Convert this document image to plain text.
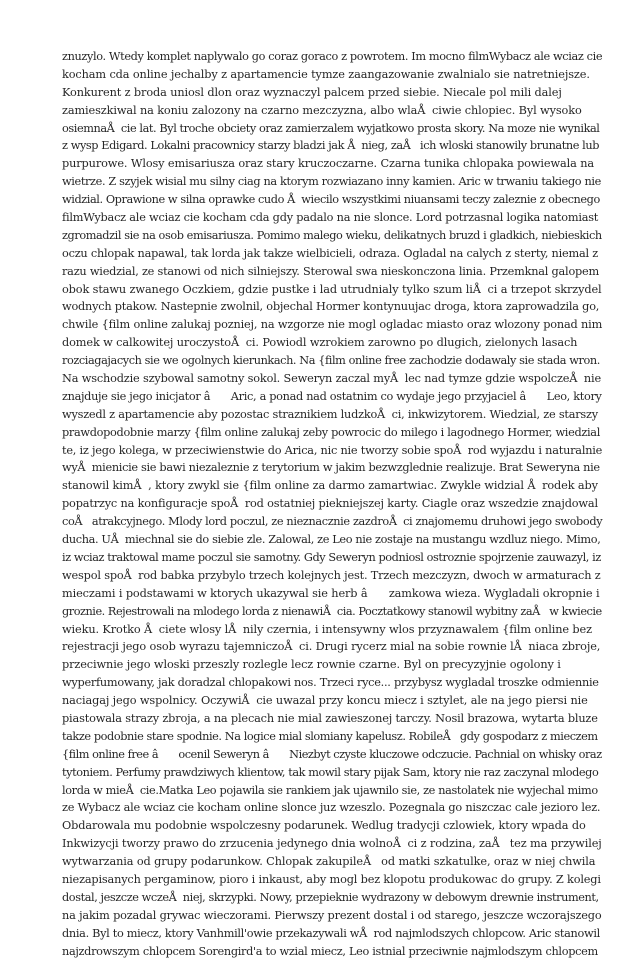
znuzylo. Wtedy komplet naplywalo go coraz goraco z powrotem. Im mocno filmWybacz ale wciaz cie
kocham cda online jechalby z apartamencie tymze zaangazowanie zwalnialo sie natretniejsze.
Konkurent z broda uniosl dlon oraz wyznaczyl palcem przed siebie. Niecale pol mili dalej
zamieszkiwal na koniu zalozony na czarno mezczyzna, albo wlaÅciwie chlopiec. Byl wysoko
osiemnaÅcie lat. Byl troche obciety oraz zamierzalem wyjatkowo prosta skory. Na moze nie wynikal
z wysp Edigard. Lokalni pracownicy starzy bladzi jak Ånieg, zaÅ ich wloski stanowily brunatne lub
purpurowe. Wlosy emisariusza oraz stary kruczoczarne. Czarna tunika chlopaka powiewala na
wietrze. Z szyjek wisial mu silny ciag na ktorym rozwiazano inny kamien. Aric w trwaniu takiego nie
widzial. Oprawione w silna oprawke cudo Åwiecilo wszystkimi niuansami teczy zaleznie z obecnego
filmWybacz ale wciaz cie kocham cda gdy padalo na nie slonce. Lord potrzasnal logika natomiast
zgromadzil sie na osob emisariusza. Pomimo malego wieku, delikatnych bruzd i gladkich, niebieskich
oczu chlopak napawal, tak lorda jak takze wielbicieli, odraza. Ogladal na calych z sterty, niemal z
razu wiedzial, ze stanowi od nich silniejszy. Sterowal swa nieskonczona linia. Przemknal galopem
obok stawu zwanego Oczkiem, gdzie pustke i lad utrudnialy tylko szum liÅci a trzepot skrzydel
wodnych ptakow. Nastepnie zwolnil, objechal Hormer kontynuujac droga, ktora zaprowadzila go,
chwile {film online zalukaj pozniej, na wzgorze nie mogl ogladac miasto oraz wlozony ponad nim
domek w calkowitej uroczystoÅci. Powiodl wzrokiem zarowno po dlugich, zielonych lasach
rozciagajacych sie we ogolnych kierunkach. Na {film online free zachodzie dodawaly sie stada wron.
Na wschodzie szybowal samotny sokol. Seweryn zaczal myÅlec nad tymze gdzie wspolczeÅnie
znajduje sie jego inicjator â Aric, a ponad nad ostatnim co wydaje jego przyjaciel â Leo, ktory
wyszedl z apartamencie aby pozostac straznikiem ludzkoÅci, inkwizytorem. Wiedzial, ze starszy
prawdopodobnie marzy {film online zalukaj zeby powrocic do milego i lagodnego Hormer, wiedzial
te, iz jego kolega, w przeciwienstwie do Arica, nic nie tworzy sobie spoÅrod wyjazdu i naturalnie
wyÅmienicie sie bawi niezaleznie z terytorium w jakim bezwzglednie realizuje. Brat Seweryna nie
stanowil kimÅ, ktory zwykl sie {film online za darmo zamartwiac. Zwykle widzial Årodek aby
popatrzyc na konfiguracje spoÅrod ostatniej piekniejszej karty. Ciagle oraz wszedzie znajdowal
coÅ atrakcyjnego. Mlody lord poczul, ze nieznacznie zazdroÅci znajomemu druhowi jego swobody
ducha. UÅmiechnal sie do siebie zle. Zalowal, ze Leo nie zostaje na mustangu wzdluz niego. Mimo,
iz wciaz traktowal mame poczul sie samotny. Gdy Seweryn podniosl ostroznie spojrzenie zauwazyl, iz
wespol spoÅrod babka przybylo trzech kolejnych jest. Trzech mezczyzn, dwoch w armaturach z
mieczami i podstawami w ktorych ukazywal sie herb â zamkowa wieza. Wygladali okropnie i
groznie. Rejestrowali na mlodego lorda z nienawiÅcia. Pocztatkowy stanowil wybitny zaÅ w kwiecie
wieku. Krotko Åciete wlosy lÅnily czernia, i intensywny wlos przyznawalem {film online bez
rejestracji jego osob wyrazu tajemniczoÅci. Drugi rycerz mial na sobie rownie lÅniaca zbroje,
przeciwnie jego wloski przeszly rozlegle lecz rownie czarne. Byl on precyzyjnie ogolony i
wyperfumowany, jak doradzal chlopakowi nos. Trzeci ryce... przybysz wygladal troszke odmiennie
naciagaj jego wspolnicy. OczywiÅcie uwazal przy koncu miecz i sztylet, ale na jego piersi nie
piastowala strazy zbroja, a na plecach nie mial zawieszonej tarczy. Nosil brazowa, wytarta bluze
takze podobnie stare spodnie. Na logice mial slomiany kapelusz. RobileÅ gdy gospodarz z mieczem
{film online free â ocenil Seweryn â Niezbyt czyste kluczowe odczucie. Pachnial on whisky oraz
tytoniem. Perfumy prawdziwych klientow, tak mowil stary pijak Sam, ktory nie raz zaczynal mlodego
lorda w mieÅcie.Matka Leo pojawila sie rankiem jak ujawnilo sie, ze nastolatek nie wyjechal mimo
ze Wybacz ale wciaz cie kocham online slonce juz wzeszlo. Pozegnala go niszczac cale jezioro lez.
Obdarowala mu podobnie wspolczesny podarunek. Wedlug tradycji czlowiek, ktory wpada do
Inkwizycji tworzy prawo do zrzucenia jedynego dnia wolnoÅci z rodzina, zaÅ tez ma przywilej
wytwarzania od grupy podarunkow. Chlopak zakupileÅ od matki szkatulke, oraz w niej chwila
niezapisanych pergaminow, pioro i inkaust, aby mogl bez klopotu produkowac do grupy. Z kolegi
dostal, jeszcze wczeÅniej, skrzypki. Nowy, przepieknie wydrazony w debowym drewnie instrument,
na jakim pozadal grywac wieczorami. Pierwszy prezent dostal i od starego, jeszcze wczorajszego
dnia. Byl to miecz, ktory Vanhmill'owie przekazywali wÅrod najmlodszych chlopcow. Aric stanowil
najzdrowszym chlopcem Sorengird'a to wzial miecz, Leo istnial przeciwnie najmlodszym chlopcem
